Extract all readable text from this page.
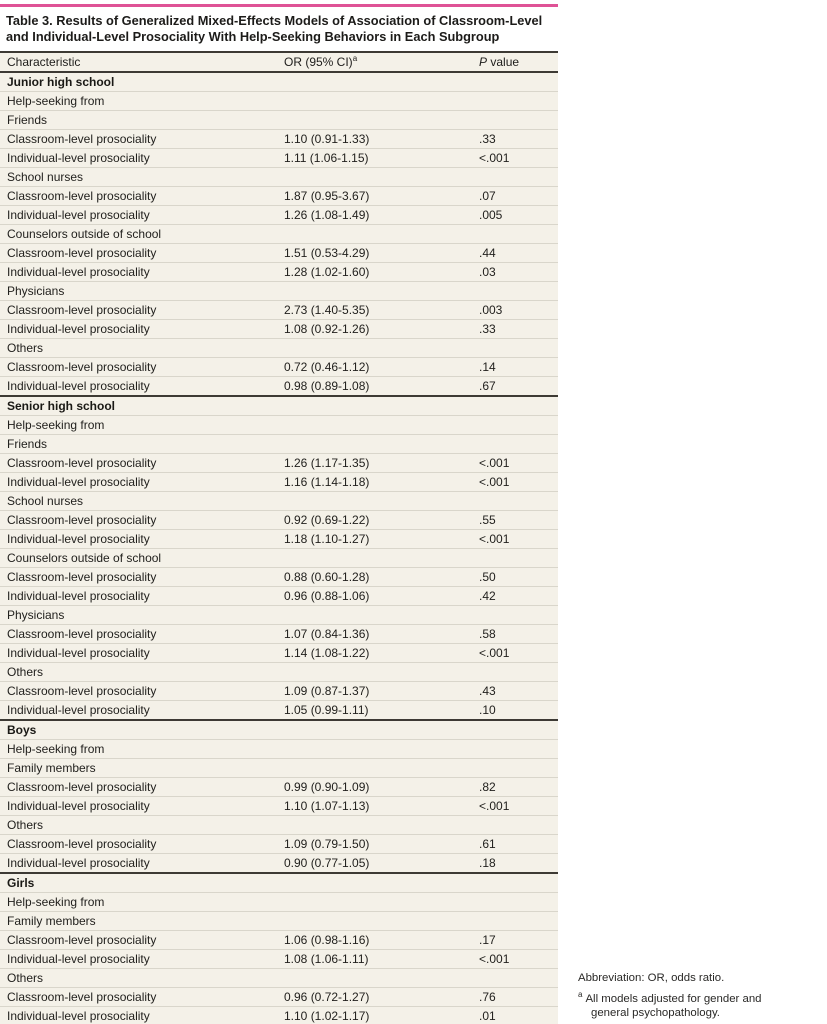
Table 3. Results of Generalized Mixed-Effects Models of Association of Classroom-Level and Individual-Level Prosociality With Help-Seeking Behaviors in Each Subgroup
Characteristic	OR (95% CI)$^a$	P value
Junior high school		
Help-seeking from		
Friends		
Classroom-level prosociality	1.10 (0.91-1.33)	.33
Individual-level prosociality	1.11 (1.06-1.15)	<.001
School nurses		
Classroom-level prosociality	1.87 (0.95-3.67)	.07
Individual-level prosociality	1.26 (1.08-1.49)	.005
Counselors outside of school		
Classroom-level prosociality	1.51 (0.53-4.29)	.44
Individual-level prosociality	1.28 (1.02-1.60)	.03
Physicians		
Classroom-level prosociality	2.73 (1.40-5.35)	.003
Individual-level prosociality	1.08 (0.92-1.26)	.33
Others		
Classroom-level prosociality	0.72 (0.46-1.12)	.14
Individual-level prosociality	0.98 (0.89-1.08)	.67
Senior high school		
Help-seeking from		
Friends		
Classroom-level prosociality	1.26 (1.17-1.35)	<.001
Individual-level prosociality	1.16 (1.14-1.18)	<.001
School nurses		
Classroom-level prosociality	0.92 (0.69-1.22)	.55
Individual-level prosociality	1.18 (1.10-1.27)	<.001
Counselors outside of school		
Classroom-level prosociality	0.88 (0.60-1.28)	.50
Individual-level prosociality	0.96 (0.88-1.06)	.42
Physicians		
Classroom-level prosociality	1.07 (0.84-1.36)	.58
Individual-level prosociality	1.14 (1.08-1.22)	<.001
Others		
Classroom-level prosociality	1.09 (0.87-1.37)	.43
Individual-level prosociality	1.05 (0.99-1.11)	.10
Boys		
Help-seeking from		
Family members		
Classroom-level prosociality	0.99 (0.90-1.09)	.82
Individual-level prosociality	1.10 (1.07-1.13)	<.001
Others		
Classroom-level prosociality	1.09 (0.79-1.50)	.61
Individual-level prosociality	0.90 (0.77-1.05)	.18
Girls		
Help-seeking from		
Family members		
Classroom-level prosociality	1.06 (0.98-1.16)	.17
Individual-level prosociality	1.08 (1.06-1.11)	<.001
Others		
Classroom-level prosociality	0.96 (0.72-1.27)	.76
Individual-level prosociality	1.10 (1.02-1.17)	.01

Abbreviation: OR, odds ratio.

$^a$ All models adjusted for gender and general psychopathology.
